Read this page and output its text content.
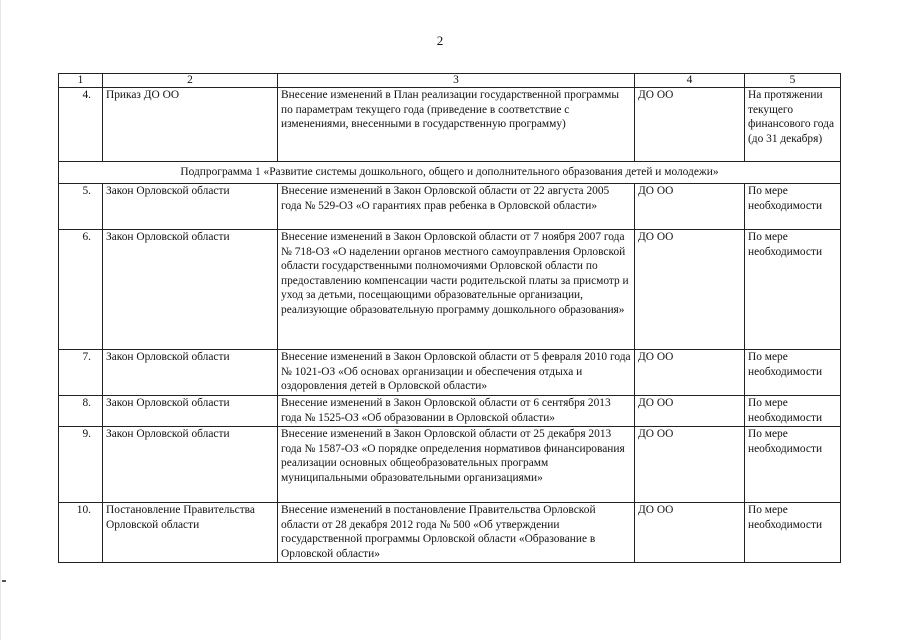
2
1	2	3	4	5
4.	Приказ ДО ОО	Внесение изменений в План реализации государственной программы по параметрам текущего года (приведение в соответствие с изменениями, внесенными в государственную программу)	ДО ОО	На протяжении текущего финансового года (до 31 декабря)
Подпрограмма 1 «Развитие системы дошкольного, общего и дополнительного образования детей и молодежи»				
5.	Закон Орловской области	Внесение изменений в Закон Орловской области от 22 августа 2005 года № 529-ОЗ «О гарантиях прав ребенка в Орловской области»	ДО ОО	По мере необходимости
6.	Закон Орловской области	Внесение изменений в Закон Орловской области от 7 ноября 2007 года № 718-ОЗ «О наделении органов местного самоуправления Орловской области государственными полномочиями Орловской области по предоставлению компенсации части родительской платы за присмотр и уход за детьми, посещающими образовательные организации, реализующие образовательную программу дошкольного образования»	ДО ОО	По мере необходимости
7.	Закон Орловской области	Внесение изменений в Закон Орловской области от 5 февраля 2010 года № 1021-ОЗ «Об основах организации и обеспечения отдыха и оздоровления детей в Орловской области»	ДО ОО	По мере необходимости
8.	Закон Орловской области	Внесение изменений в Закон Орловской области от 6 сентября 2013 года № 1525-ОЗ «Об образовании в Орловской области»	ДО ОО	По мере необходимости
9.	Закон Орловской области	Внесение изменений в Закон Орловской области от 25 декабря 2013 года № 1587-ОЗ «О порядке определения нормативов финансирования реализации основных общеобразовательных программ муниципальными образовательными организациями»	ДО ОО	По мере необходимости
10.	Постановление Правительства Орловской области	Внесение изменений в постановление Правительства Орловской области от 28 декабря 2012 года № 500 «Об утверждении государственной программы Орловской области «Образование в Орловской области»	ДО ОО	По мере необходимости
